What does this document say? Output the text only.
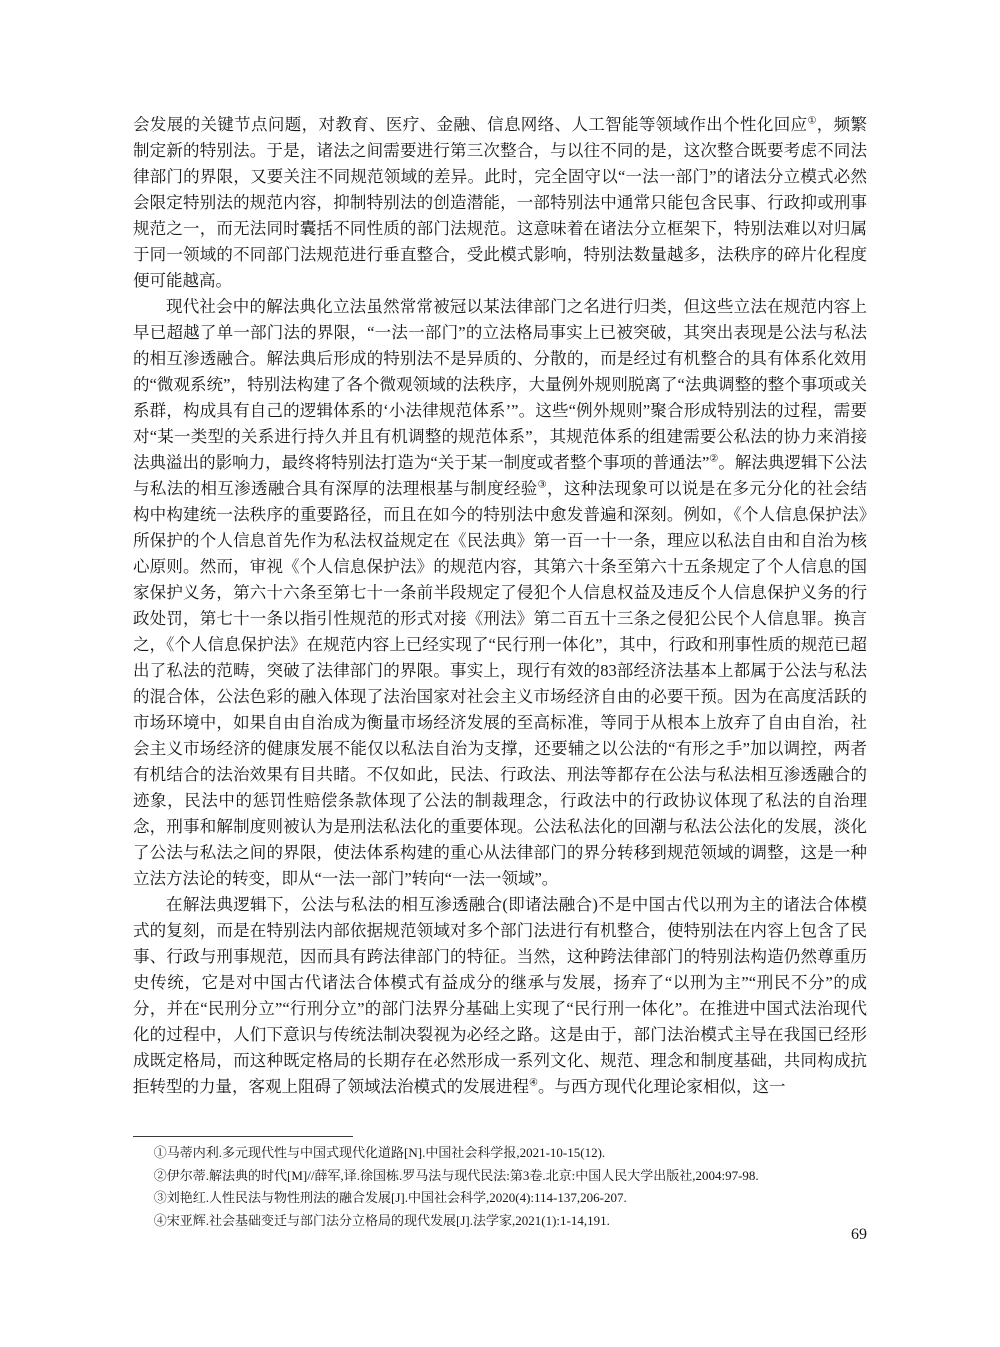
会发展的关键节点问题，对教育、医疗、金融、信息网络、人工智能等领域作出个性化回应①，频繁制定新的特别法。于是，诸法之间需要进行第三次整合，与以往不同的是，这次整合既要考虑不同法律部门的界限，又要关注不同规范领域的差异。此时，完全固守以“一法一部门”的诸法分立模式必然会限定特别法的规范内容，抑制特别法的创造潜能，一部特别法中通常只能包含民事、行政抑或刑事规范之一，而无法同时囊括不同性质的部门法规范。这意味着在诸法分立框架下，特别法难以对归属于同一领域的不同部门法规范进行垂直整合，受此模式影响，特别法数量越多，法秩序的碎片化程度便可能越高。

现代社会中的解法典化立法虽然常常被冠以某法律部门之名进行归类，但这些立法在规范内容上早已超越了单一部门法的界限，“一法一部门”的立法格局事实上已被突破，其突出表现是公法与私法的相互渗透融合。解法典后形成的特别法不是异质的、分散的，而是经过有机整合的具有体系化效用的“微观系统”，特别法构建了各个微观领域的法秩序，大量例外规则脱离了“法典调整的整个事项或关系群，构成具有自己的逻辑体系的‘小法律规范体系’”。这些“例外规则”聚合形成特别法的过程，需要对“某一类型的关系进行持久并且有机调整的规范体系”，其规范体系的组建需要公私法的协力来消接法典溢出的影响力，最终将特别法打造为“关于某一制度或者整个事项的普通法”②。解法典逻辑下公法与私法的相互渗透融合具有深厚的法理根基与制度经验③，这种法现象可以说是在多元分化的社会结构中构建统一法秩序的重要路径，而且在如今的特别法中愈发普遍和深刻。例如，《个人信息保护法》所保护的个人信息首先作为私法权益规定在《民法典》第一百一十一条，理应以私法自由和自治为核心原则。然而，审视《个人信息保护法》的规范内容，其第六十条至第六十五条规定了个人信息的国家保护义务，第六十六条至第七十一条前半段规定了侵犯个人信息权益及违反个人信息保护义务的行政处罚，第七十一条以指引性规范的形式对接《刑法》第二百五十三条之侵犯公民个人信息罪。换言之，《个人信息保护法》在规范内容上已经实现了“民行刑一体化”，其中，行政和刑事性质的规范已超出了私法的范畴，突破了法律部门的界限。事实上，现行有效的83部经济法基本上都属于公法与私法的混合体，公法色彩的融入体现了法治国家对社会主义市场经济自由的必要干预。因为在高度活跃的市场环境中，如果自由自治成为衡量市场经济发展的至高标准，等同于从根本上放弃了自由自治，社会主义市场经济的健康发展不能仅以私法自治为支撑，还要辅之以公法的“有形之手”加以调控，两者有机结合的法治效果有目共睹。不仅如此，民法、行政法、刑法等都存在公法与私法相互渗透融合的迹象，民法中的惩罚性赔偿条款体现了公法的制裁理念，行政法中的行政协议体现了私法的自治理念，刑事和解制度则被认为是刑法私法化的重要体现。公法私法化的回潮与私法公法化的发展，淡化了公法与私法之间的界限，使法体系构建的重心从法律部门的界分转移到规范领域的调整，这是一种立法方法论的转变，即从“一法一部门”转向“一法一领域”。

在解法典逻辑下，公法与私法的相互渗透融合(即诸法融合)不是中国古代以刑为主的诸法合体模式的复刻，而是在特别法内部依据规范领域对多个部门法进行有机整合，使特别法在内容上包含了民事、行政与刑事规范，因而具有跨法律部门的特征。当然，这种跨法律部门的特别法构造仍然尊重历史传统，它是对中国古代诸法合体模式有益成分的继承与发展，扬弃了“以刑为主”“刑民不分”的成分，并在“民刑分立”“行刑分立”的部门法界分基础上实现了“民行刑一体化”。在推进中国式法治现代化的过程中，人们下意识与传统法制决裂视为必经之路。这是由于，部门法治模式主导在我国已经形成既定格局，而这种既定格局的长期存在必然形成一系列文化、规范、理念和制度基础，共同构成抗拒转型的力量，客观上阻碍了领域法治模式的发展进程④。与西方现代化理论家相似，这一

①马蒂内利.多元现代性与中国式现代化道路[N].中国社会科学报,2021-10-15(12).
②伊尔蒂.解法典的时代[M]//薛军,译.徐国栋.罗马法与现代民法:第3卷.北京:中国人民大学出版社,2004:97-98.
③刘艳红.人性民法与物性刑法的融合发展[J].中国社会科学,2020(4):114-137,206-207.
④宋亚辉.社会基础变迁与部门法分立格局的现代发展[J].法学家,2021(1):1-14,191.
69
